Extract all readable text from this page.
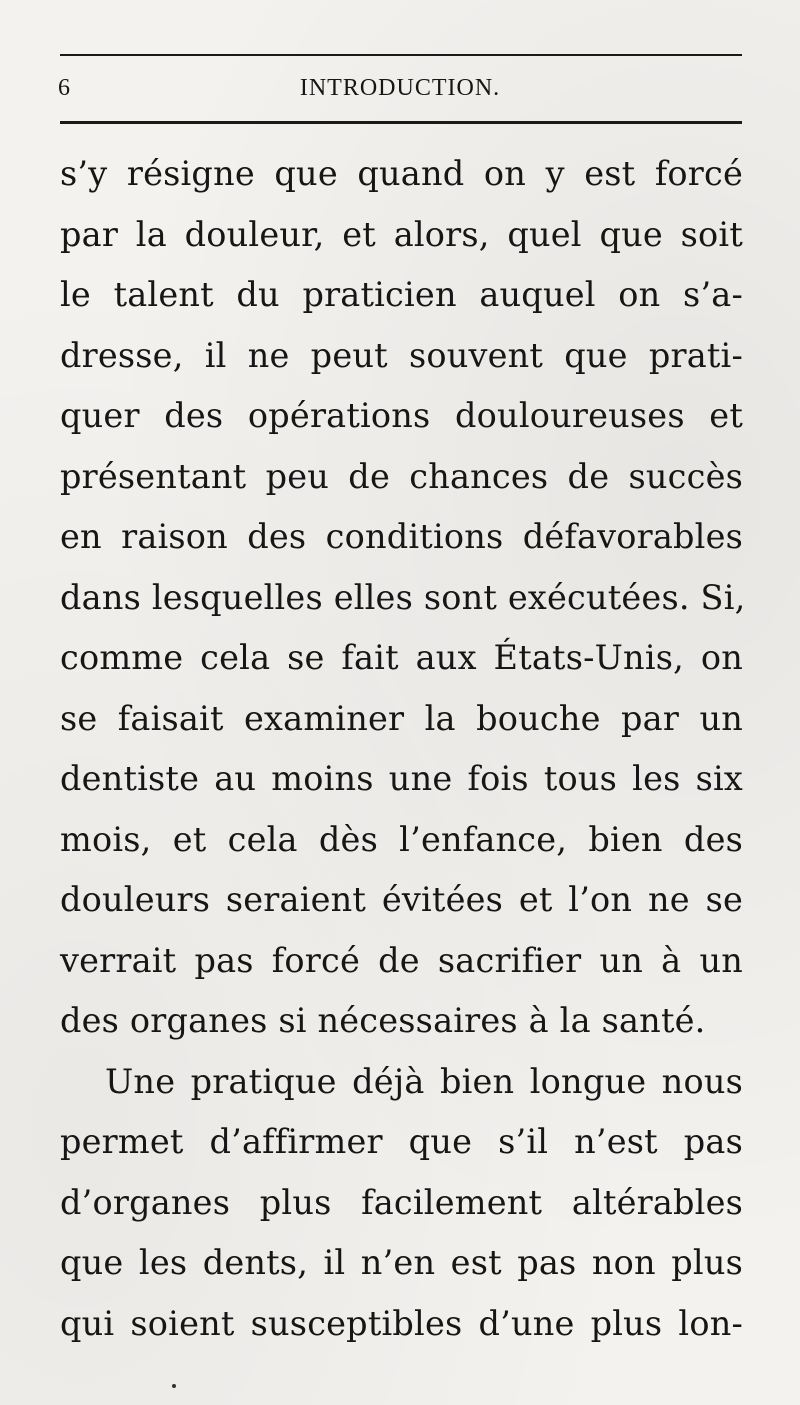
6	INTRODUCTION.
s’y résigne que quand on y est forcé
par la douleur, et alors, quel que soit
le talent du praticien auquel on s’a-
dresse, il ne peut souvent que prati-
quer des opérations douloureuses et
présentant peu de chances de succès
en raison des conditions défavorables
dans lesquelles elles sont exécutées. Si,
comme cela se fait aux États-Unis, on
se faisait examiner la bouche par un
dentiste au moins une fois tous les six
mois, et cela dès l’enfance, bien des
douleurs seraient évitées et l’on ne se
verrait pas forcé de sacrifier un à un
des organes si nécessaires à la santé.
Une pratique déjà bien longue nous
permet d’affirmer que s’il n’est pas
d’organes plus facilement altérables
que les dents, il n’en est pas non plus
qui soient susceptibles d’une plus lon-
